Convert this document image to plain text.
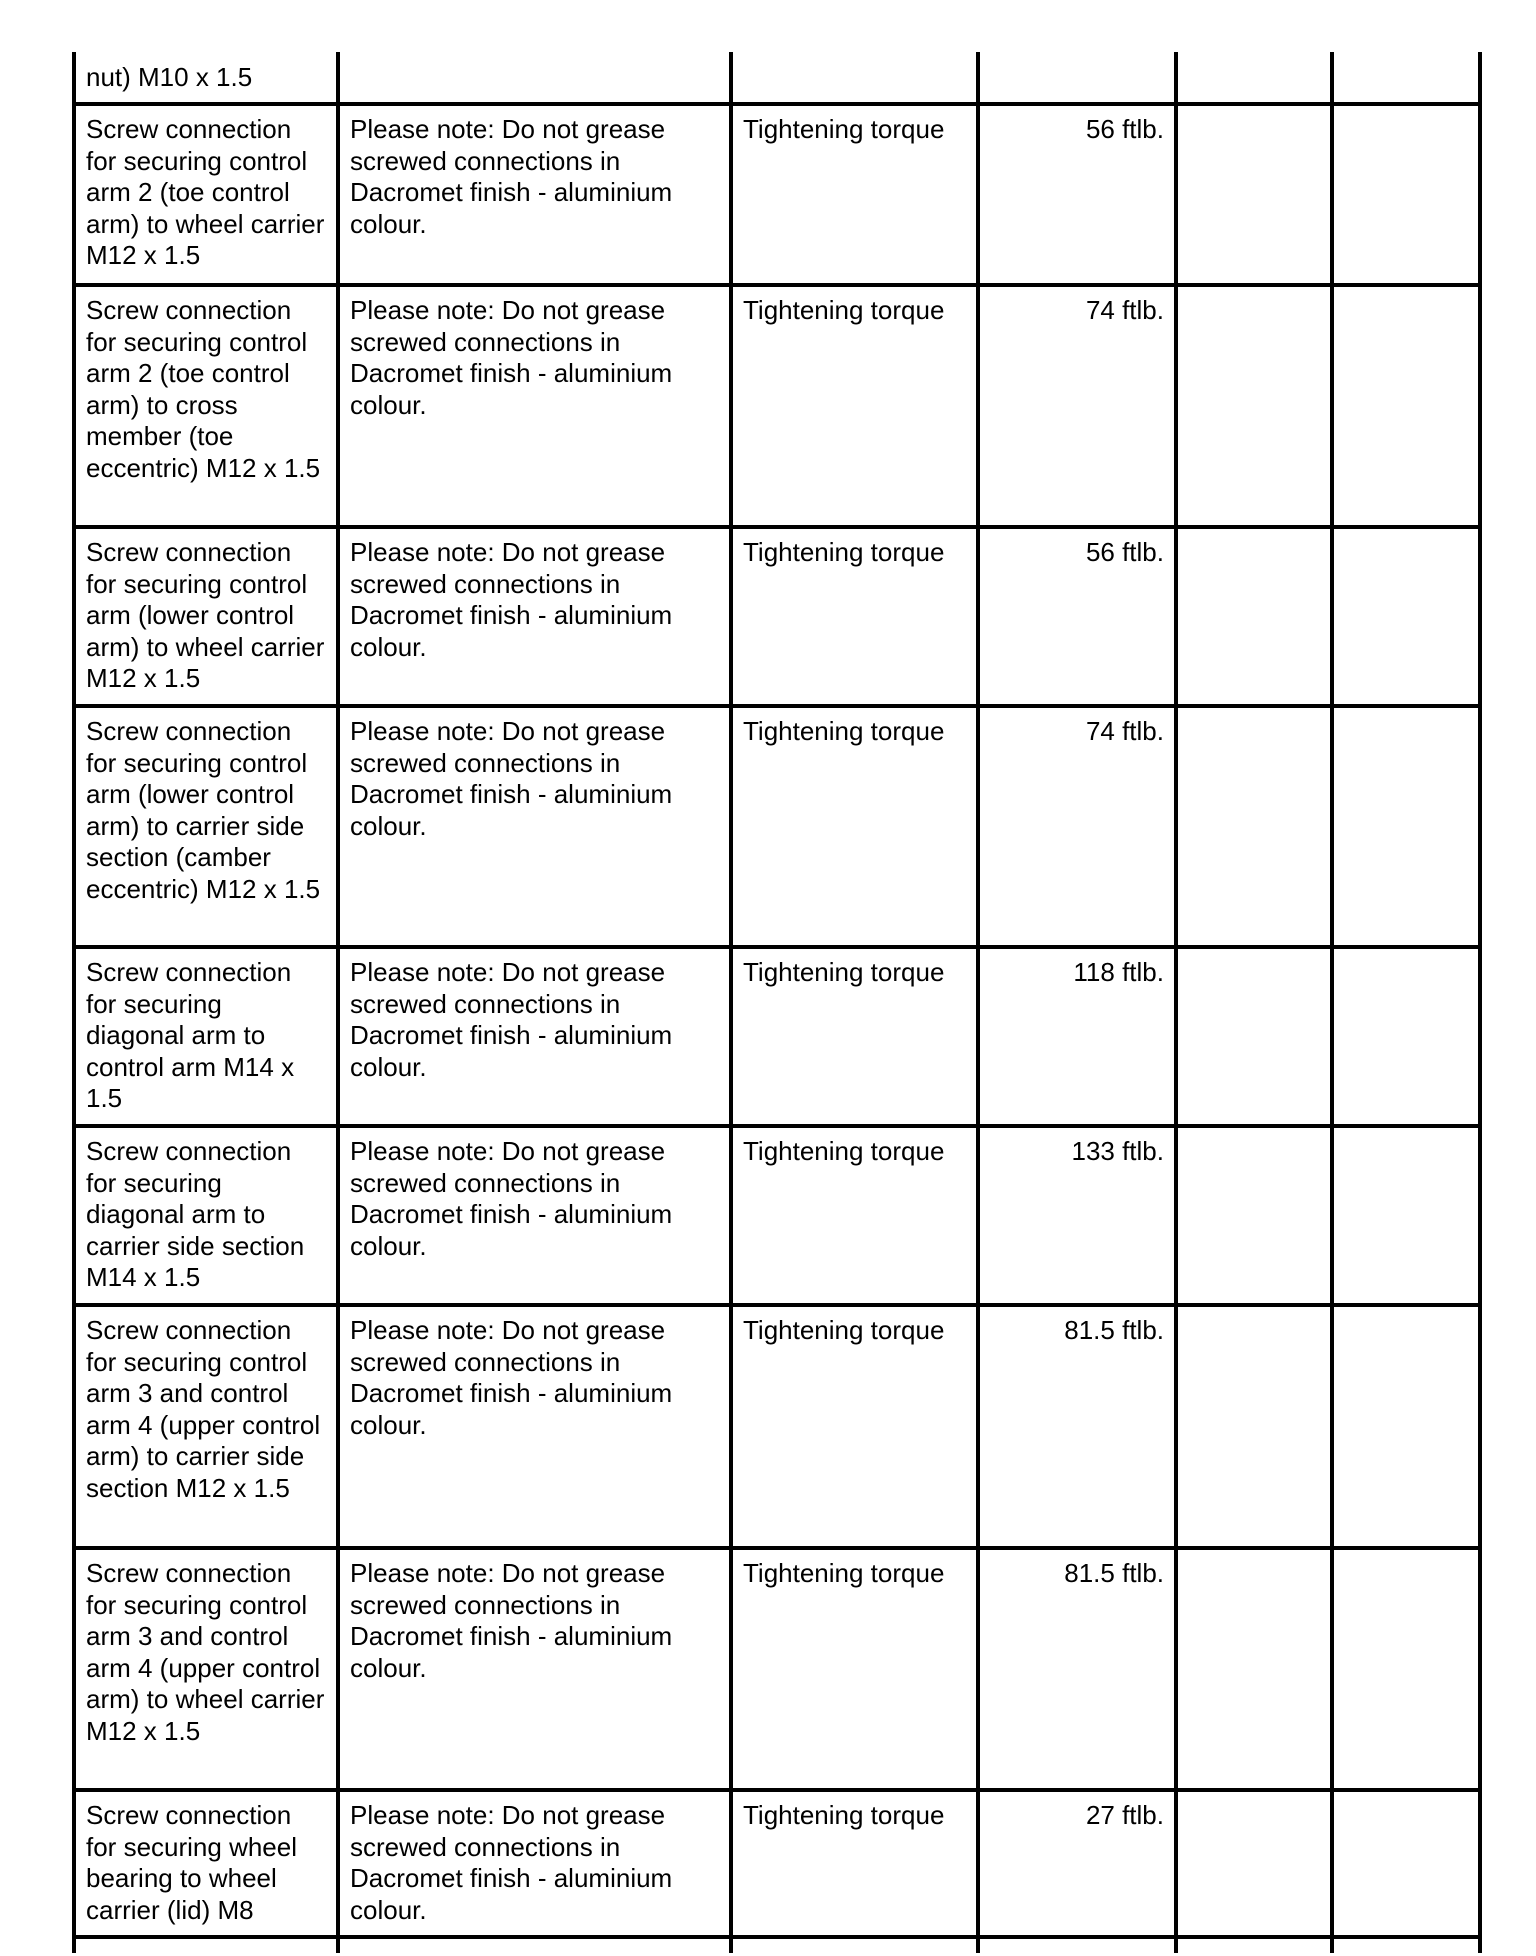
nut) M10 x 1.5					
Screw connection for securing control arm 2 (toe control arm) to wheel carrier M12 x 1.5	Please note: Do not grease screwed connections in Dacromet finish - aluminium colour.	Tightening torque	56 ftlb.		
Screw connection for securing control arm 2 (toe control arm) to cross member (toe eccentric) M12 x 1.5	Please note: Do not grease screwed connections in Dacromet finish - aluminium colour.	Tightening torque	74 ftlb.		
Screw connection for securing control arm (lower control arm) to wheel carrier M12 x 1.5	Please note: Do not grease screwed connections in Dacromet finish - aluminium colour.	Tightening torque	56 ftlb.		
Screw connection for securing control arm (lower control arm) to carrier side section (camber eccentric) M12 x 1.5	Please note: Do not grease screwed connections in Dacromet finish - aluminium colour.	Tightening torque	74 ftlb.		
Screw connection for securing diagonal arm to control arm M14 x 1.5	Please note: Do not grease screwed connections in Dacromet finish - aluminium colour.	Tightening torque	118 ftlb.		
Screw connection for securing diagonal arm to carrier side section M14 x 1.5	Please note: Do not grease screwed connections in Dacromet finish - aluminium colour.	Tightening torque	133 ftlb.		
Screw connection for securing control arm 3 and control arm 4 (upper control arm) to carrier side section M12 x 1.5	Please note: Do not grease screwed connections in Dacromet finish - aluminium colour.	Tightening torque	81.5 ftlb.		
Screw connection for securing control arm 3 and control arm 4 (upper control arm) to wheel carrier M12 x 1.5	Please note: Do not grease screwed connections in Dacromet finish - aluminium colour.	Tightening torque	81.5 ftlb.		
Screw connection for securing wheel bearing to wheel carrier (lid) M8	Please note: Do not grease screwed connections in Dacromet finish - aluminium colour.	Tightening torque	27 ftlb.		
